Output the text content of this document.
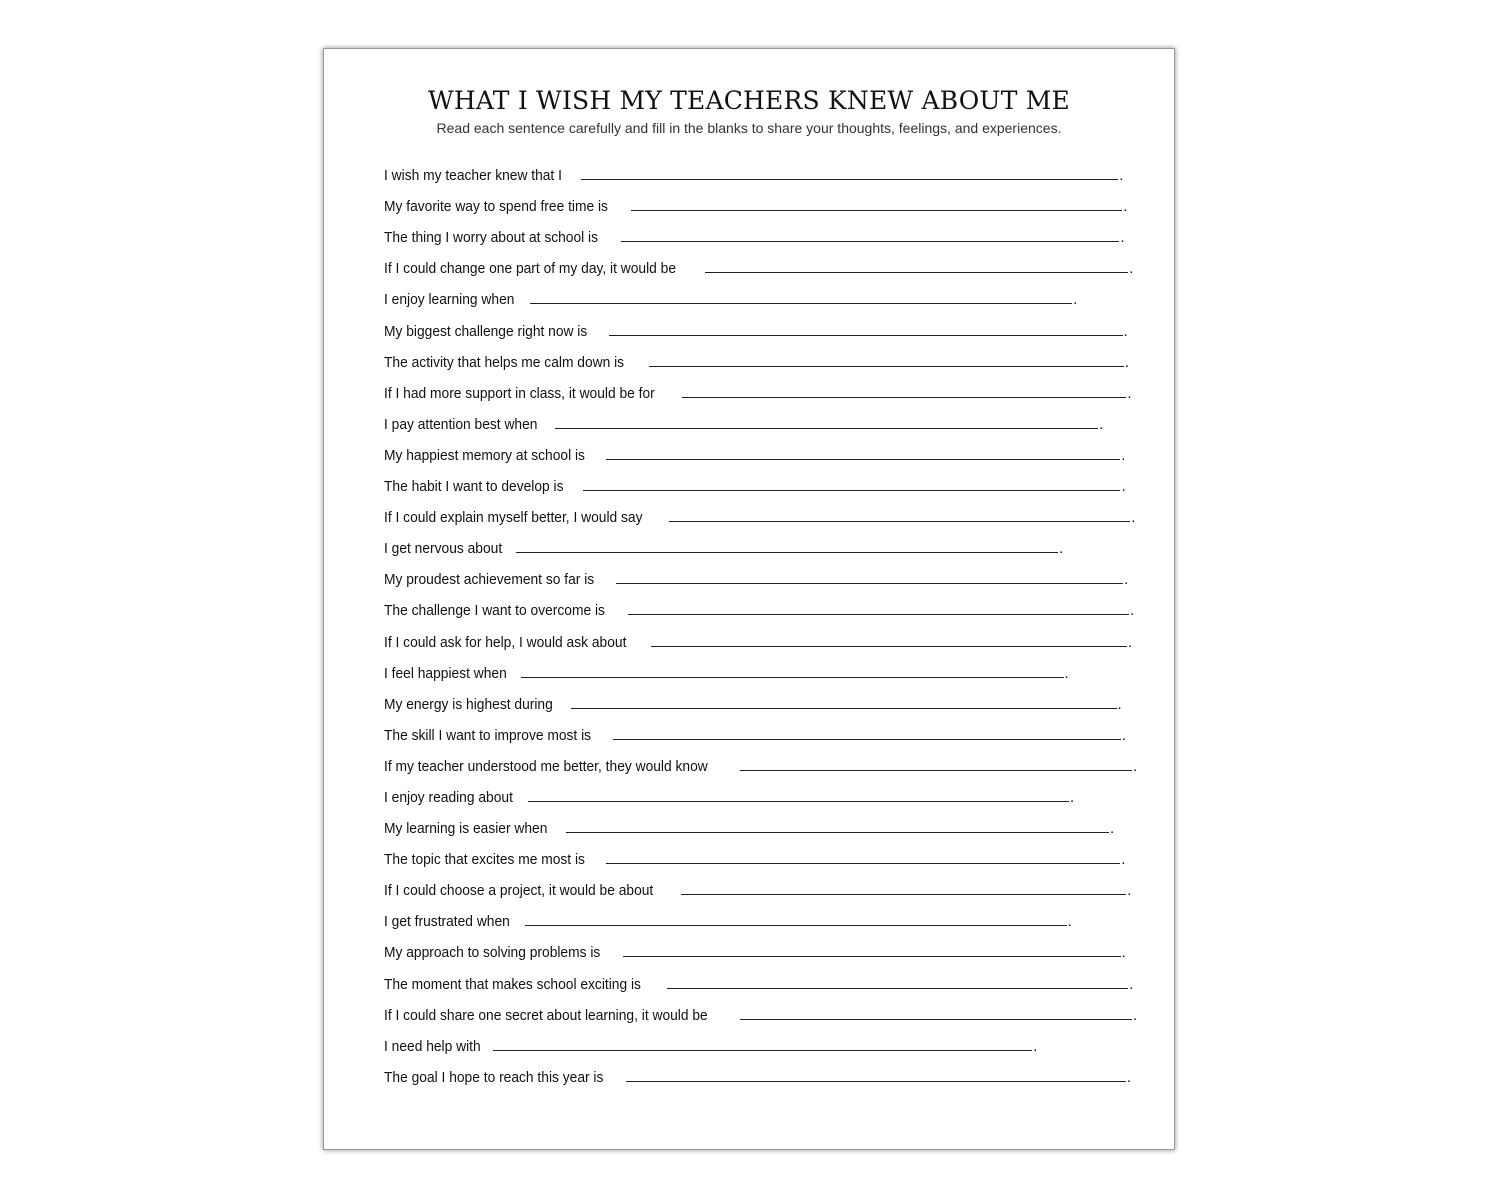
WHAT I WISH MY TEACHERS KNEW ABOUT ME
Read each sentence carefully and fill in the blanks to share your thoughts, feelings, and experiences.
I wish my teacher knew that I	.
My favorite way to spend free time is	.
The thing I worry about at school is	.
If I could change one part of my day, it would be	.
I enjoy learning when	.
My biggest challenge right now is	.
The activity that helps me calm down is	.
If I had more support in class, it would be for	.
I pay attention best when	.
My happiest memory at school is	.
The habit I want to develop is	.
If I could explain myself better, I would say	.
I get nervous about	.
My proudest achievement so far is	.
The challenge I want to overcome is	.
If I could ask for help, I would ask about	.
I feel happiest when	.
My energy is highest during	.
The skill I want to improve most is	.
If my teacher understood me better, they would know	.
I enjoy reading about	.
My learning is easier when	.
The topic that excites me most is	.
If I could choose a project, it would be about	.
I get frustrated when	.
My approach to solving problems is	.
The moment that makes school exciting is	.
If I could share one secret about learning, it would be	.
I need help with	.
The goal I hope to reach this year is	.
